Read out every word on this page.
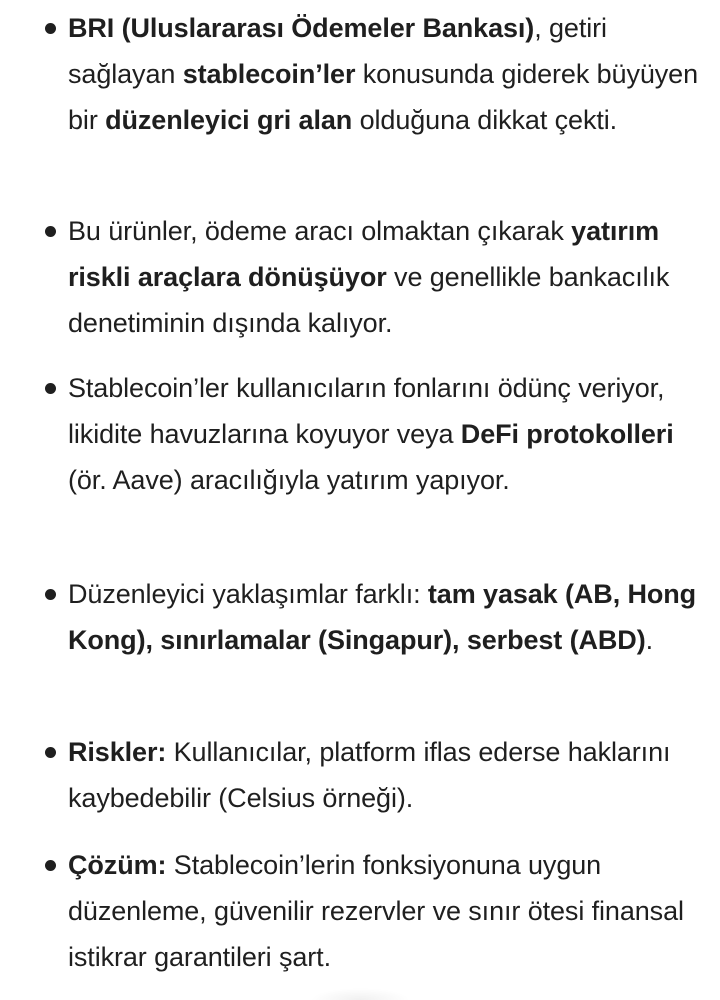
BRI (Uluslararası Ödemeler Bankası), getiri sağlayan stablecoin’ler konusunda giderek büyüyen bir düzenleyici gri alan olduğuna dikkat çekti.
Bu ürünler, ödeme aracı olmaktan çıkarak yatırım riskli araçlara dönüşüyor ve genellikle bankacılık denetiminin dışında kalıyor.
Stablecoin’ler kullanıcıların fonlarını ödünç veriyor, likidite havuzlarına koyuyor veya DeFi protokolleri (ör. Aave) aracılığıyla yatırım yapıyor.
Düzenleyici yaklaşımlar farklı: tam yasak (AB, Hong Kong), sınırlamalar (Singapur), serbest (ABD).
Riskler: Kullanıcılar, platform iflas ederse haklarını kaybedebilir (Celsius örneği).
Çözüm: Stablecoin’lerin fonksiyonuna uygun düzenleme, güvenilir rezervler ve sınır ötesi finansal istikrar garantileri şart.
